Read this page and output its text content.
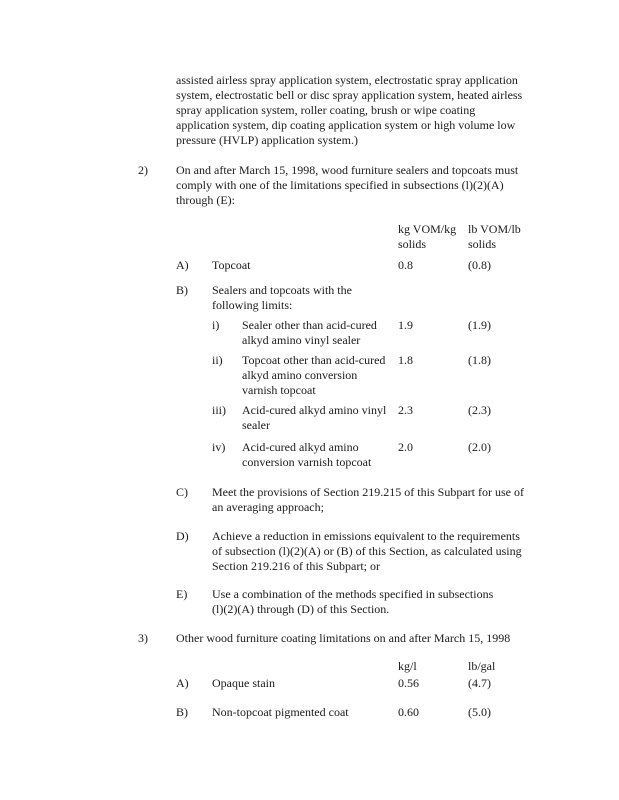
assisted airless spray application system, electrostatic spray application
system, electrostatic bell or disc spray application system, heated airless
spray application system, roller coating, brush or wipe coating
application system, dip coating application system or high volume low
pressure (HVLP) application system.)
2) On and after March 15, 1998, wood furniture sealers and topcoats must
comply with one of the limitations specified in subsections (l)(2)(A)
through (E):
kg VOM/kg
solids
lb VOM/lb
solids
A) Topcoat	0.8	(0.8)
B) Sealers and topcoats with the
following limits:
i) Sealer other than acid-cured
alkyd amino vinyl sealer
1.9	(1.9)
ii) Topcoat other than acid-cured
alkyd amino conversion
varnish topcoat
1.8	(1.8)
iii) Acid-cured alkyd amino vinyl
sealer
2.3	(2.3)
iv) Acid-cured alkyd amino
conversion varnish topcoat
2.0	(2.0)
C) Meet the provisions of Section 219.215 of this Subpart for use of
an averaging approach;
D) Achieve a reduction in emissions equivalent to the requirements
of subsection (l)(2)(A) or (B) of this Section, as calculated using
Section 219.216 of this Subpart; or
E) Use a combination of the methods specified in subsections
(l)(2)(A) through (D) of this Section.
3) Other wood furniture coating limitations on and after March 15, 1998
kg/l	lb/gal
A) Opaque stain	0.56	(4.7)
B) Non-topcoat pigmented coat	0.60	(5.0)
